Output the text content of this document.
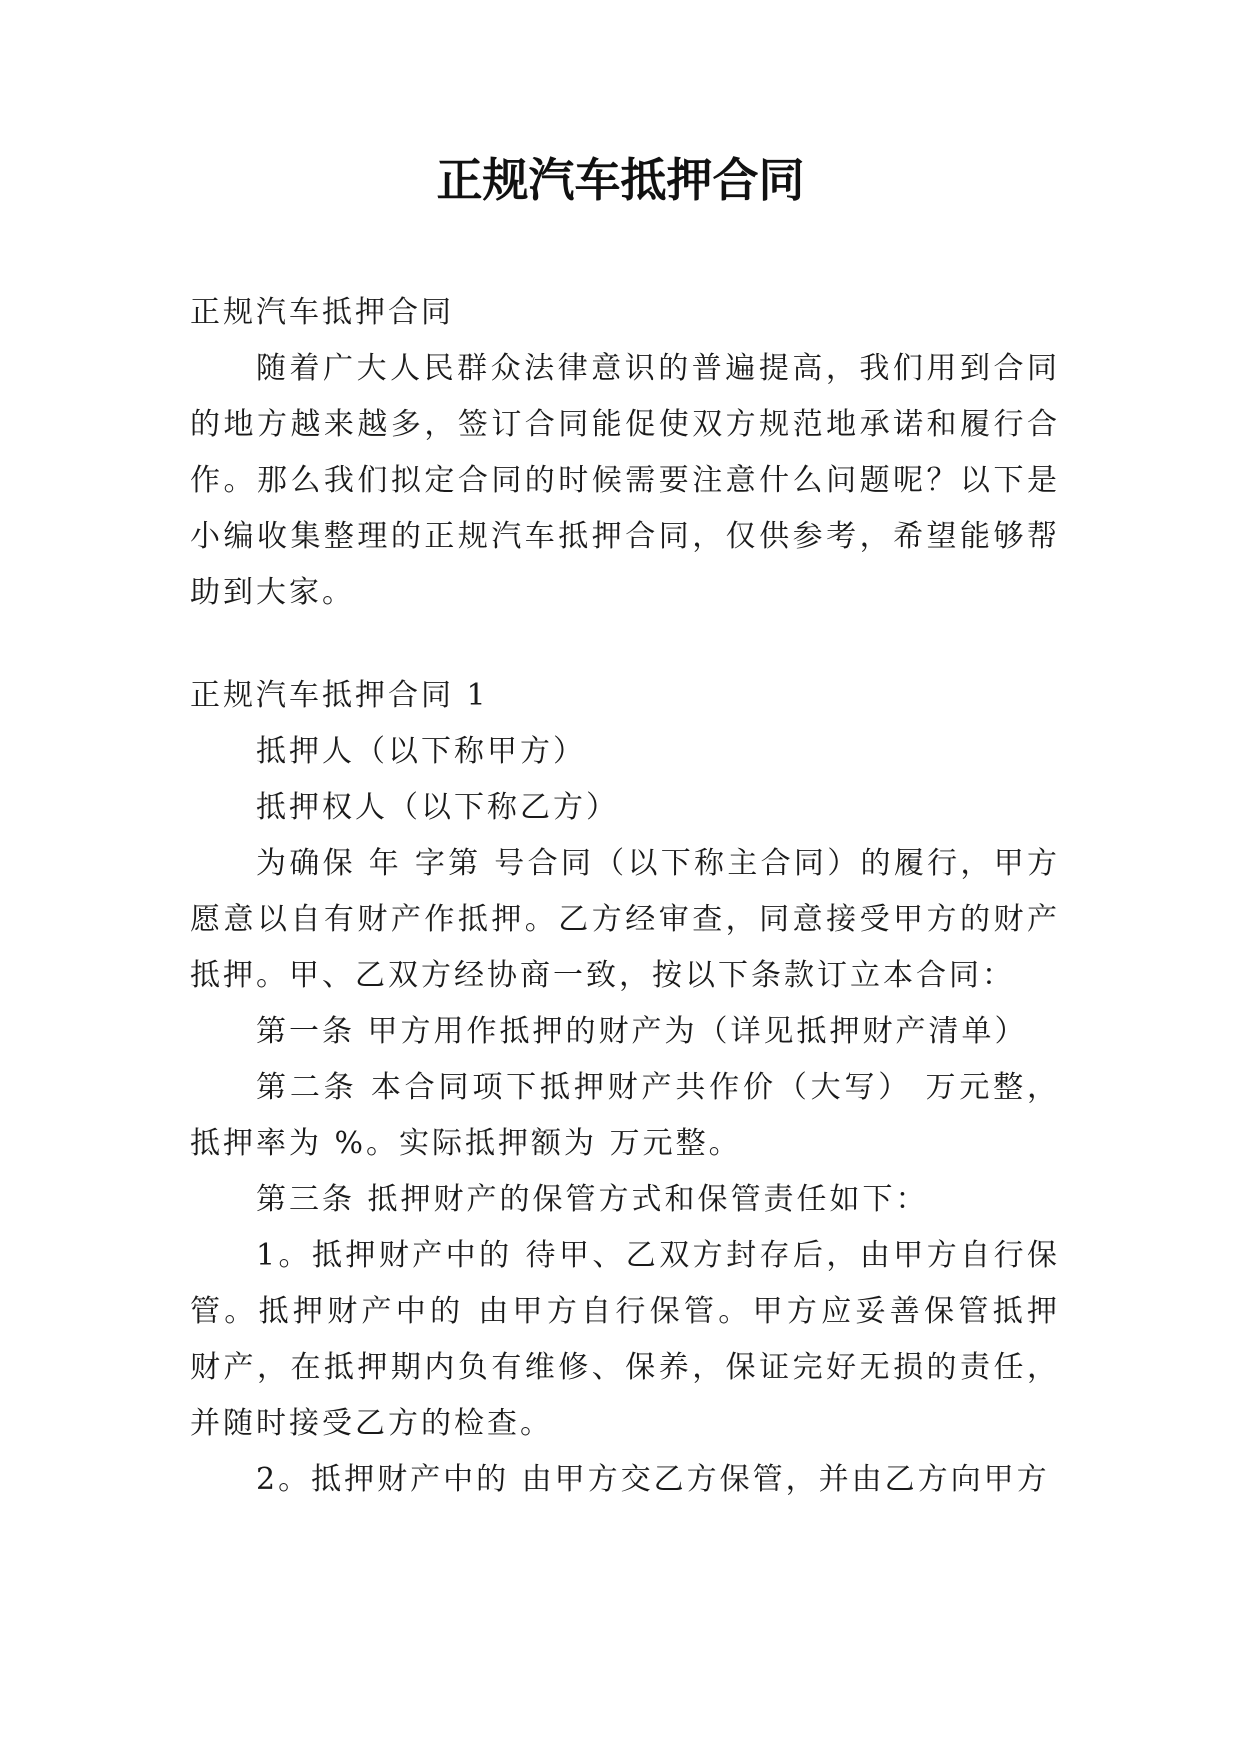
正规汽车抵押合同

正规汽车抵押合同

随着广大人民群众法律意识的普遍提高，我们用到合同的地方越来越多，签订合同能促使双方规范地承诺和履行合作。那么我们拟定合同的时候需要注意什么问题呢？以下是小编收集整理的正规汽车抵押合同，仅供参考，希望能够帮助到大家。

正规汽车抵押合同 1

抵押人（以下称甲方）

抵押权人（以下称乙方）

为确保 年 字第 号合同（以下称主合同）的履行，甲方愿意以自有财产作抵押。乙方经审查，同意接受甲方的财产抵押。甲、乙双方经协商一致，按以下条款订立本合同：

第一条 甲方用作抵押的财产为（详见抵押财产清单）

第二条 本合同项下抵押财产共作价（大写） 万元整，抵押率为 %。实际抵押额为 万元整。

第三条 抵押财产的保管方式和保管责任如下：

1。抵押财产中的 待甲、乙双方封存后，由甲方自行保管。抵押财产中的 由甲方自行保管。甲方应妥善保管抵押财产，在抵押期内负有维修、保养，保证完好无损的责任，并随时接受乙方的检查。

2。抵押财产中的 由甲方交乙方保管，并由乙方向甲方
